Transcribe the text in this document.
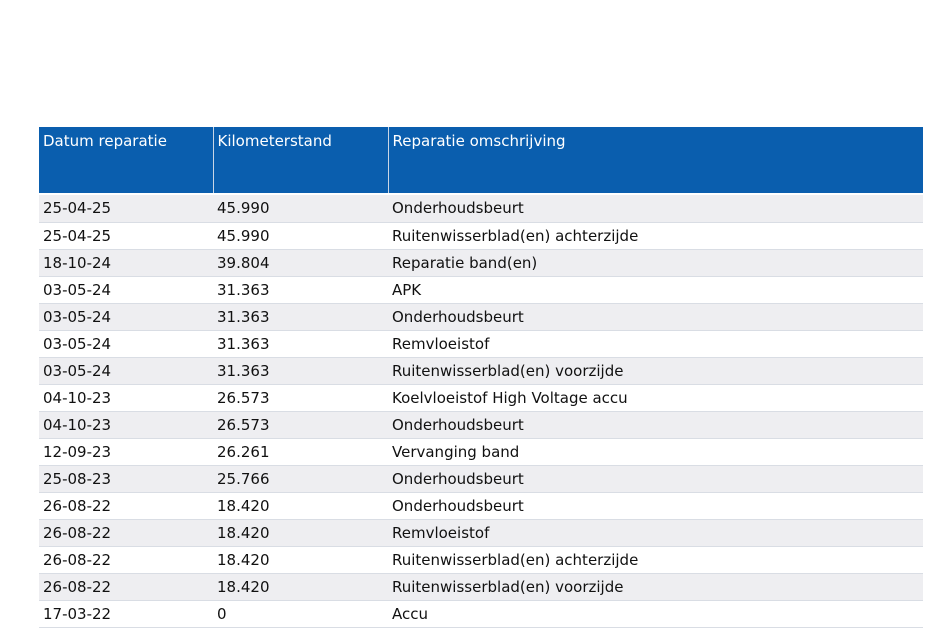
Datum reparatie	Kilometerstand	Reparatie omschrijving

25-04-25	45.990	Onderhoudsbeurt
25-04-25	45.990	Ruitenwisserblad(en) achterzijde
18-10-24	39.804	Reparatie band(en)
03-05-24	31.363	APK
03-05-24	31.363	Onderhoudsbeurt
03-05-24	31.363	Remvloeistof
03-05-24	31.363	Ruitenwisserblad(en) voorzijde
04-10-23	26.573	Koelvloeistof High Voltage accu
04-10-23	26.573	Onderhoudsbeurt
12-09-23	26.261	Vervanging band
25-08-23	25.766	Onderhoudsbeurt
26-08-22	18.420	Onderhoudsbeurt
26-08-22	18.420	Remvloeistof
26-08-22	18.420	Ruitenwisserblad(en) achterzijde
26-08-22	18.420	Ruitenwisserblad(en) voorzijde
17-03-22	0	Accu
